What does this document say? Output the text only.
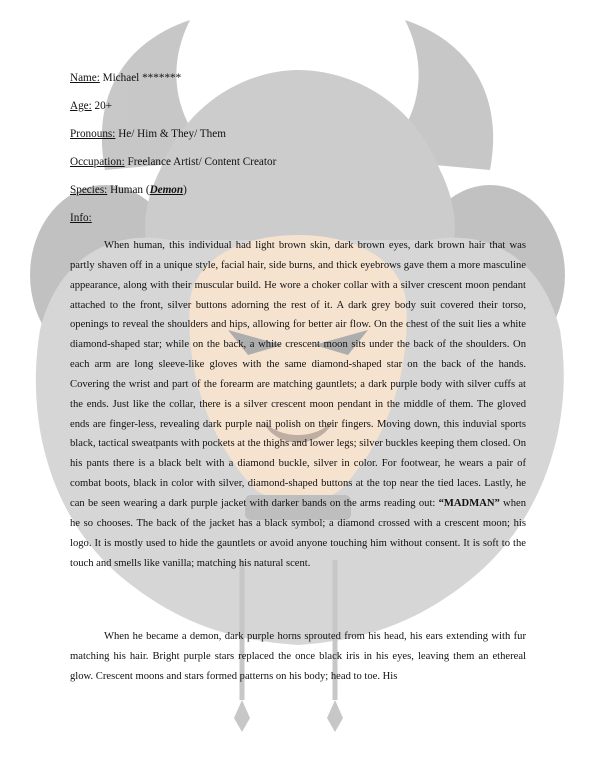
Name: Michael *******
Age: 20+
Pronouns: He/ Him & They/ Them
Occupation: Freelance Artist/ Content Creator
Species: Human (Demon)
Info:

When human, this individual had light brown skin, dark brown eyes, dark brown hair that was partly shaven off in a unique style, facial hair, side burns, and thick eyebrows gave them a more masculine appearance, along with their muscular build. He wore a choker collar with a silver crescent moon pendant attached to the front, silver buttons adorning the rest of it. A dark grey body suit covered their torso, openings to reveal the shoulders and hips, allowing for better air flow. On the chest of the suit lies a white diamond-shaped star; while on the back, a white crescent moon sits under the back of the shoulders. On each arm are long sleeve-like gloves with the same diamond-shaped star on the back of the hands. Covering the wrist and part of the forearm are matching gauntlets; a dark purple body with silver cuffs at the ends. Just like the collar, there is a silver crescent moon pendant in the middle of them. The gloved ends are finger-less, revealing dark purple nail polish on their fingers. Moving down, this induvial sports black, tactical sweatpants with pockets at the thighs and lower legs; silver buckles keeping them closed. On his pants there is a black belt with a diamond buckle, silver in color. For footwear, he wears a pair of combat boots, black in color with silver, diamond-shaped buttons at the top near the tied laces. Lastly, he can be seen wearing a dark purple jacket with darker bands on the arms reading out: “MADMAN” when he so chooses. The back of the jacket has a black symbol; a diamond crossed with a crescent moon; his logo. It is mostly used to hide the gauntlets or avoid anyone touching him without consent. It is soft to the touch and smells like vanilla; matching his natural scent.

When he became a demon, dark purple horns sprouted from his head, his ears extending with fur matching his hair. Bright purple stars replaced the once black iris in his eyes, leaving them an ethereal glow. Crescent moons and stars formed patterns on his body; head to toe. His
